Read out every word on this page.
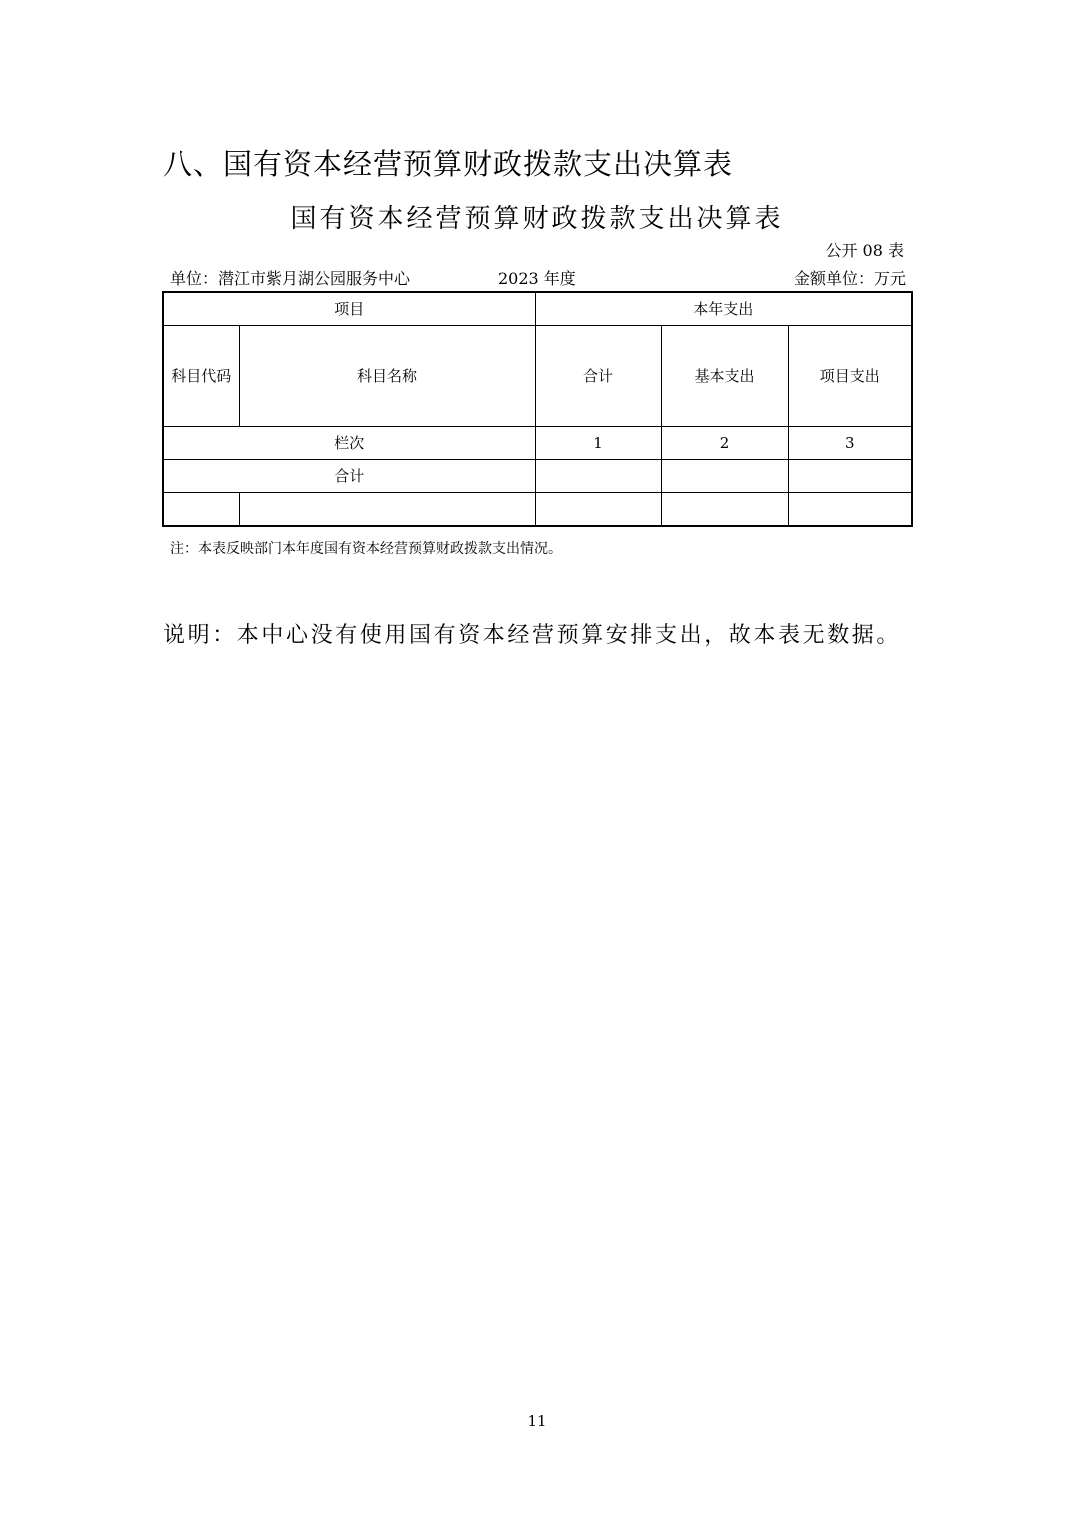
八、国有资本经营预算财政拨款支出决算表
国有资本经营预算财政拨款支出决算表
公开 08 表
单位：潜江市紫月湖公园服务中心	2023 年度	金额单位：万元
项目		本年支出		
科目代码	科目名称	合计	基本支出	项目支出
栏次		1	2	3
合计				

注：本表反映部门本年度国有资本经营预算财政拨款支出情况。
说明：本中心没有使用国有资本经营预算安排支出，故本表无数据。
11
